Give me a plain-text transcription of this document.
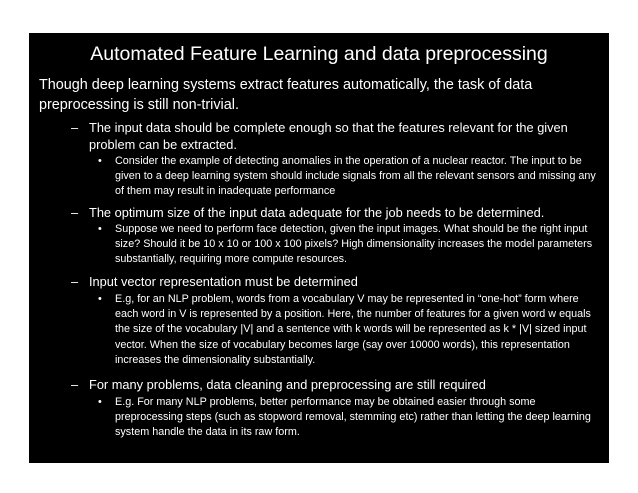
Automated Feature Learning and data preprocessing
Though deep learning systems extract features automatically, the task of data preprocessing is still non-trivial.
– The input data should be complete enough so that the features relevant for the given problem can be extracted.
• Consider the example of detecting anomalies in the operation of a nuclear reactor. The input to be given to a deep learning system should include signals from all the relevant sensors and missing any of them may result in inadequate performance
– The optimum size of the input data adequate for the job needs to be determined.
• Suppose we need to perform face detection, given the input images. What should be the right input size? Should it be 10 x 10 or 100 x 100 pixels? High dimensionality increases the model parameters substantially, requiring more compute resources.
– Input vector representation must be determined
• E.g, for an NLP problem, words from a vocabulary V may be represented in “one-hot” form where each word in V is represented by a position. Here, the number of features for a given word w equals the size of the vocabulary |V| and a sentence with k words will be represented as k * |V| sized input vector. When the size of vocabulary becomes large (say over 10000 words), this representation increases the dimensionality substantially.
– For many problems, data cleaning and preprocessing are still required
• E.g. For many NLP problems, better performance may be obtained easier through some preprocessing steps (such as stopword removal, stemming etc) rather than letting the deep learning system handle the data in its raw form.
